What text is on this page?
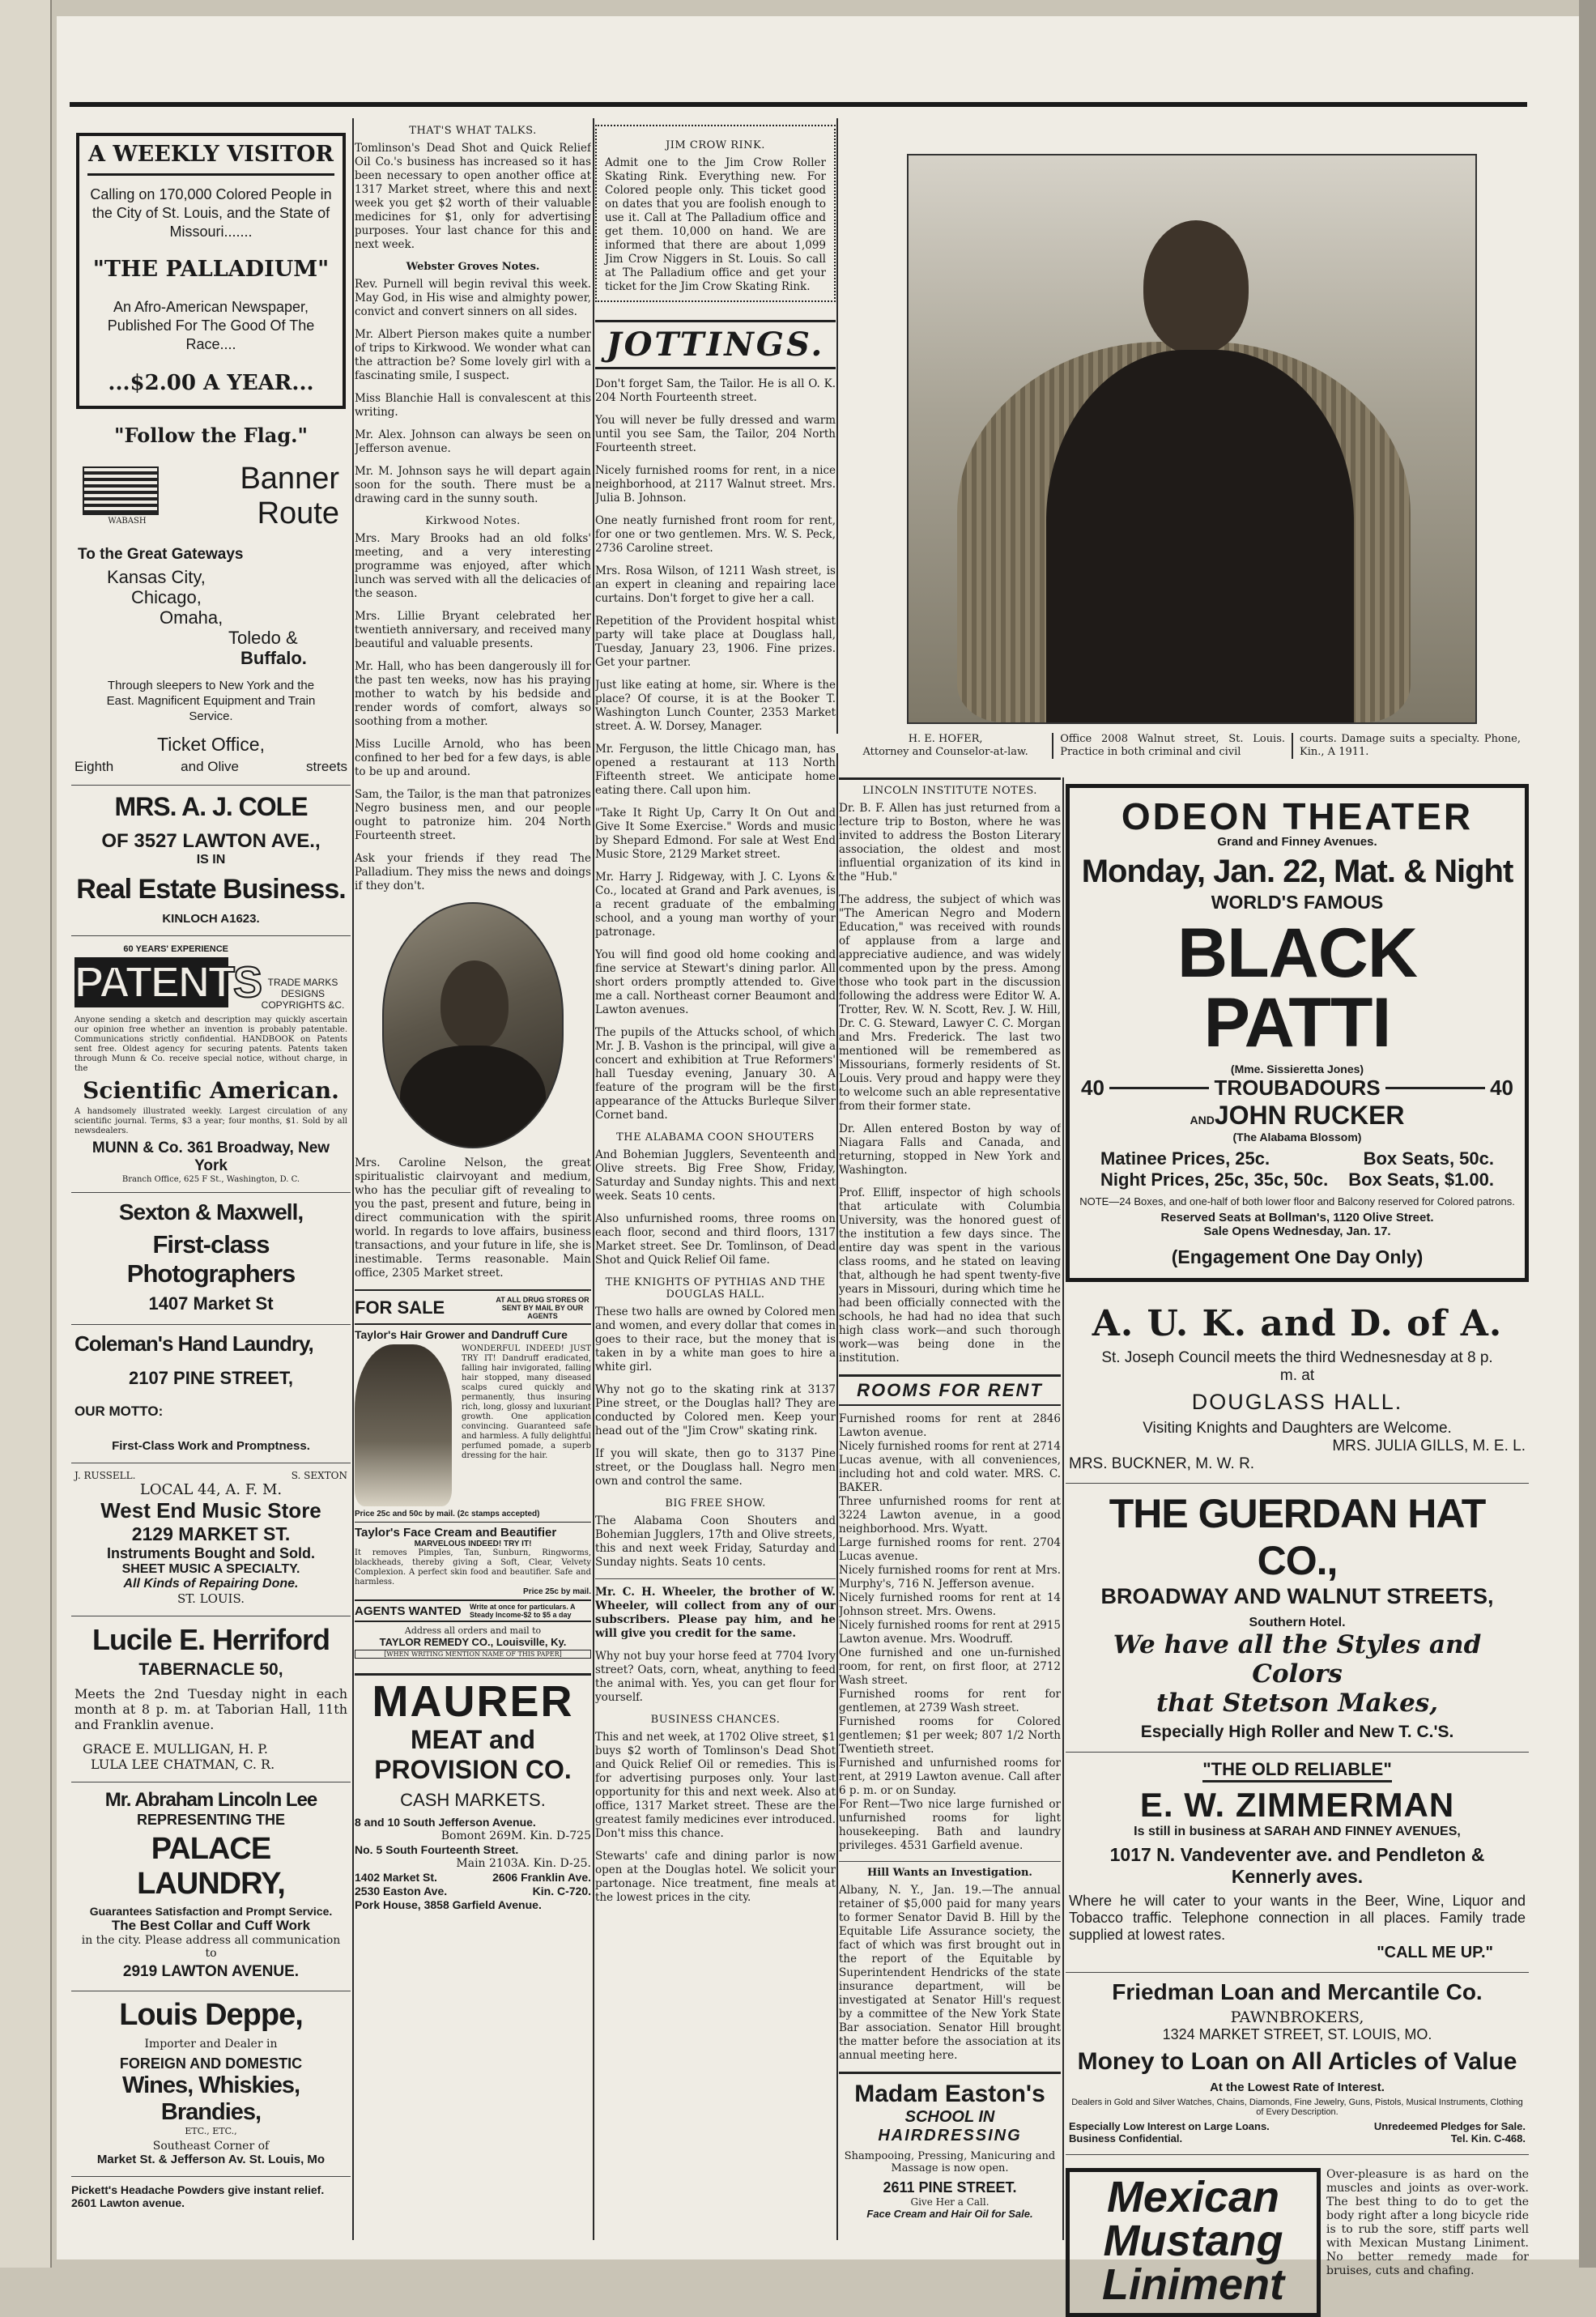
A WEEKLY VISITOR
Calling on 170,000 Colored People in the City of St. Louis, and the State of Missouri.......
"THE PALLADIUM"
An Afro-American Newspaper, Published For The Good Of The Race....
...$2.00 A YEAR...
"Follow the Flag."
WABASH
Banner
Route
To the Great Gateways
Kansas City,
Chicago,
Omaha,
Toledo &
Buffalo.
Through sleepers to New York and the East. Magnificent Equipment and Train Service.
Ticket Office,
Eighth	and Olive	streets
MRS. A. J. COLE
OF 3527 LAWTON AVE.,
IS IN
Real Estate Business.
KINLOCH A1623.
60 YEARS' EXPERIENCE
PATENTS TRADE MARKS DESIGNS COPYRIGHTS &C.
Anyone sending a sketch and description may quickly ascertain our opinion free whether an invention is probably patentable. Communications strictly confidential. HANDBOOK on Patents sent free. Oldest agency for securing patents. Patents taken through Munn & Co. receive special notice, without charge, in the
Scientific American.
A handsomely illustrated weekly. Largest circulation of any scientific journal. Terms, $3 a year; four months, $1. Sold by all newsdealers.
MUNN & Co. 361 Broadway, New York
Branch Office, 625 F St., Washington, D. C.
Sexton & Maxwell,
First-class Photographers
1407 Market St
Coleman's Hand Laundry,
2107 PINE STREET,
OUR MOTTO:
First-Class Work and Promptness.
J. RUSSELL.	S. SEXTON
LOCAL 44, A. F. M.
West End Music Store
2129 MARKET ST.
Instruments Bought and Sold.
SHEET MUSIC A SPECIALTY.
All Kinds of Repairing Done.
ST. LOUIS.
Lucile E. Herriford
TABERNACLE 50,

Meets the 2nd Tuesday night in each month at 8 p. m. at Taborian Hall, 11th and Franklin avenue.

GRACE E. MULLIGAN, H. P.
LULA LEE CHATMAN, C. R.
Mr. Abraham Lincoln Lee
REPRESENTING THE
PALACE LAUNDRY,
Guarantees Satisfaction and Prompt Service.
The Best Collar and Cuff Work
in the city. Please address all communication to
2919 LAWTON AVENUE.
Louis Deppe,
Importer and Dealer in
FOREIGN AND DOMESTIC
Wines, Whiskies, Brandies,
ETC., ETC.,
Southeast Corner of
Market St. & Jefferson Av. St. Louis, Mo
Pickett's Headache Powders give instant relief. 2601 Lawton avenue.
THAT'S WHAT TALKS.

Tomlinson's Dead Shot and Quick Relief Oil Co.'s business has increased so it has been necessary to open another office at 1317 Market street, where this and next week you get $2 worth of their valuable medicines for $1, only for advertising purposes. Your last chance for this and next week.

Webster Groves Notes.

Rev. Purnell will begin revival this week. May God, in His wise and almighty power, convict and convert sinners on all sides.

Mr. Albert Pierson makes quite a number of trips to Kirkwood. We wonder what can the attraction be? Some lovely girl with a fascinating smile, I suspect.

Miss Blanchie Hall is convalescent at this writing.

Mr. Alex. Johnson can always be seen on Jefferson avenue.

Mr. M. Johnson says he will depart again soon for the south. There must be a drawing card in the sunny south.

Kirkwood Notes.

Mrs. Mary Brooks had an old folks' meeting, and a very interesting programme was enjoyed, after which lunch was served with all the delicacies of the season.

Mrs. Lillie Bryant celebrated her twentieth anniversary, and received many beautiful and valuable presents.

Mr. Hall, who has been dangerously ill for the past ten weeks, now has his praying mother to watch by his bedside and render words of comfort, always so soothing from a mother.

Miss Lucille Arnold, who has been confined to her bed for a few days, is able to be up and around.

Sam, the Tailor, is the man that patronizes Negro business men, and our people ought to patronize him. 204 North Fourteenth street.

Ask your friends if they read The Palladium. They miss the news and doings if they don't.

Mrs. Caroline Nelson, the great spiritualistic clairvoyant and medium, who has the peculiar gift of revealing to you the past, present and future, being in direct communication with the spirit world. In regards to love affairs, business transactions, and your future in life, she is inestimable. Terms reasonable. Main office, 2305 Market street.

FOR SALE	AT ALL DRUG STORES OR SENT BY MAIL BY OUR AGENTS
Taylor's Hair Grower and Dandruff Cure
WONDERFUL INDEED! JUST TRY IT! Dandruff eradicated, falling hair invigorated, falling hair stopped, many diseased scalps cured quickly and permanently, thus insuring rich, long, glossy and luxuriant growth. One application convincing. Guaranteed safe and harmless. A fully delightful perfumed pomade, a superb dressing for the hair.
Price 25c and 50c by mail. (2c stamps accepted)
Taylor's Face Cream and Beautifier
MARVELOUS INDEED! TRY IT!
It removes Pimples, Tan, Sunburn, Ringworms, blackheads, thereby giving a Soft, Clear, Velvety Complexion. A perfect skin food and beautifier. Safe and harmless.
Price 25c by mail.
AGENTS WANTED Write at once for particulars. A Steady Income-$2 to $5 a day
Address all orders and mail to
TAYLOR REMEDY CO., Louisville, Ky.
[WHEN WRITING MENTION NAME OF THIS PAPER]
MAURER
MEAT and
PROVISION CO.
CASH MARKETS.
8 and 10 South Jefferson Avenue.
Bomont 269M. Kin. D-725
No. 5 South Fourteenth Street.
Main 2103A. Kin. D-25.
1402 Market St.	2606 Franklin Ave.
2530 Easton Ave.	Kin. C-720.
Pork House, 3858 Garfield Avenue.
JIM CROW RINK.

Admit one to the Jim Crow Roller Skating Rink. Everything new. For Colored people only. This ticket good on dates that you are foolish enough to use it. Call at The Palladium office and get them. 10,000 on hand. We are informed that there are about 1,099 Jim Crow Niggers in St. Louis. So call at The Palladium office and get your ticket for the Jim Crow Skating Rink.

JOTTINGS.

Don't forget Sam, the Tailor. He is all O. K. 204 North Fourteenth street.

You will never be fully dressed and warm until you see Sam, the Tailor, 204 North Fourteenth street.

Nicely furnished rooms for rent, in a nice neighborhood, at 2117 Walnut street. Mrs. Julia B. Johnson.

One neatly furnished front room for rent, for one or two gentlemen. Mrs. W. S. Peck, 2736 Caroline street.

Mrs. Rosa Wilson, of 1211 Wash street, is an expert in cleaning and repairing lace curtains. Don't forget to give her a call.

Repetition of the Provident hospital whist party will take place at Douglass hall, Tuesday, January 23, 1906. Fine prizes. Get your partner.

Just like eating at home, sir. Where is the place? Of course, it is at the Booker T. Washington Lunch Counter, 2353 Market street. A. W. Dorsey, Manager.

Mr. Ferguson, the little Chicago man, has opened a restaurant at 113 North Fifteenth street. We anticipate home eating there. Call upon him.

"Take It Right Up, Carry It On Out and Give It Some Exercise." Words and music by Shepard Edmond. For sale at West End Music Store, 2129 Market street.

Mr. Harry J. Ridgeway, with J. C. Lyons & Co., located at Grand and Park avenues, is a recent graduate of the embalming school, and a young man worthy of your patronage.

You will find good old home cooking and fine service at Stewart's dining parlor. All short orders promptly attended to. Give me a call. Northeast corner Beaumont and Lawton avenues.

The pupils of the Attucks school, of which Mr. J. B. Vashon is the principal, will give a concert and exhibition at True Reformers' hall Tuesday evening, January 30. A feature of the program will be the first appearance of the Attucks Burleque Silver Cornet band.

THE ALABAMA COON SHOUTERS

And Bohemian Jugglers, Seventeenth and Olive streets. Big Free Show, Friday, Saturday and Sunday nights. This and next week. Seats 10 cents.

Also unfurnished rooms, three rooms on each floor, second and third floors, 1317 Market street. See Dr. Tomlinson, of Dead Shot and Quick Relief Oil fame.

THE KNIGHTS OF PYTHIAS AND THE DOUGLAS HALL.

These two halls are owned by Colored men and women, and every dollar that comes in goes to their race, but the money that is taken in by a white man goes to hire a white girl.

Why not go to the skating rink at 3137 Pine street, or the Douglas hall? They are conducted by Colored men. Keep your head out of the "Jim Crow" skating rink.

If you will skate, then go to 3137 Pine street, or the Douglass hall. Negro men own and control the same.

BIG FREE SHOW.

The Alabama Coon Shouters and Bohemian Jugglers, 17th and Olive streets, this and next week Friday, Saturday and Sunday nights. Seats 10 cents.

Mr. C. H. Wheeler, the brother of W. Wheeler, will collect from any of our subscribers. Please pay him, and he will give you credit for the same.

Why not buy your horse feed at 7704 Ivory street? Oats, corn, wheat, anything to feed the animal with. Yes, you can get flour for yourself.

BUSINESS CHANCES.

This and net week, at 1702 Olive street, $1 buys $2 worth of Tomlinson's Dead Shot and Quick Relief Oil or remedies. This is for advertising purposes only. Your last opportunity for this and next week. Also at office, 1317 Market street. These are the greatest family medicines ever introduced. Don't miss this chance.

Stewarts' cafe and dining parlor is now open at the Douglas hotel. We solicit your partonage. Nice treatment, fine meals at the lowest prices in the city.

H. E. HOFER,
Attorney and Counselor-at-law.
Office 2008 Walnut street, St. Louis. Practice in both criminal and civil
courts. Damage suits a specialty. Phone, Kin., A 1911.
LINCOLN INSTITUTE NOTES.

Dr. B. F. Allen has just returned from a lecture trip to Boston, where he was invited to address the Boston Literary association, the oldest and most influential organization of its kind in the "Hub."

The address, the subject of which was "The American Negro and Modern Education," was received with rounds of applause from a large and appreciative audience, and was widely commented upon by the press. Among those who took part in the discussion following the address were Editor W. A. Trotter, Rev. W. N. Scott, Rev. J. W. Hill, Dr. C. G. Steward, Lawyer C. C. Morgan and Mrs. Frederick. The last two mentioned will be remembered as Missourians, formerly residents of St. Louis. Very proud and happy were they to welcome such an able representative from their former state.

Dr. Allen entered Boston by way of Niagara Falls and Canada, and returning, stopped in New York and Washington.

Prof. Elliff, inspector of high schools that articulate with Columbia University, was the honored guest of the institution a few days since. The entire day was spent in the various class rooms, and he stated on leaving that, although he had spent twenty-five years in Missouri, during which time he had been officially connected with the schools, he had had no idea that such high class work—and such thorough work—was being done in the institution.

ROOMS FOR RENT
Furnished rooms for rent at 2846 Lawton avenue.
Nicely furnished rooms for rent at 2714 Lucas avenue, with all conveniences, including hot and cold water. MRS. C. BAKER.
Three unfurnished rooms for rent at 3224 Lawton avenue, in a good neighborhood. Mrs. Wyatt.
Large furnished rooms for rent. 2704 Lucas avenue.
Nicely furnished rooms for rent at Mrs. Murphy's, 716 N. Jefferson avenue.
Nicely furnished rooms for rent at 14 Johnson street. Mrs. Owens.
Nicely furnished rooms for rent at 2915 Lawton avenue. Mrs. Woodruff.
One furnished and one un-furnished room, for rent, on first floor, at 2712 Wash street.
Furnished rooms for rent for gentlemen, at 2739 Wash street.
Furnished rooms for Colored gentlemen; $1 per week; 807 1/2 North Twentieth street.
Furnished and unfurnished rooms for rent, at 2919 Lawton avenue. Call after 6 p. m. or on Sunday.
For Rent—Two nice large furnished or unfurnished rooms for light housekeeping. Bath and laundry privileges. 4531 Garfield avenue.
Hill Wants an Investigation.

Albany, N. Y., Jan. 19.—The annual retainer of $5,000 paid for many years to former Senator David B. Hill by the Equitable Life Assurance society, the fact of which was first brought out in the report of the Equitable by Superintendent Hendricks of the state insurance department, will be investigated at Senator Hill's request by a committee of the New York State Bar association. Senator Hill brought the matter before the association at its annual meeting here.

Madam Easton's
SCHOOL IN
HAIRDRESSING
Shampooing, Pressing, Manicuring and Massage is now open.
2611 PINE STREET.
Give Her a Call.
Face Cream and Hair Oil for Sale.
ODEON THEATER
Grand and Finney Avenues.
Monday, Jan. 22, Mat. & Night
WORLD'S FAMOUS
BLACK PATTI
(Mme. Sissieretta Jones)
40	TROUBADOURS	40
ANDJOHN RUCKER
(The Alabama Blossom)
Matinee Prices, 25c.	Box Seats, 50c.
Night Prices, 25c, 35c, 50c. Box Seats, $1.00.
NOTE—24 Boxes, and one-half of both lower floor and Balcony reserved for Colored patrons.
Reserved Seats at Bollman's, 1120 Olive Street.
Sale Opens Wednesday, Jan. 17.
(Engagement One Day Only)
A. U. K. and D. of A.
St. Joseph Council meets the third Wednesnesday at 8 p. m. at
DOUGLASS HALL.
Visiting Knights and Daughters are Welcome.
MRS. JULIA GILLS, M. E. L.
MRS. BUCKNER, M. W. R.
THE GUERDAN HAT CO.,
BROADWAY AND WALNUT STREETS,
Southern Hotel.
We have all the Styles and Colors
that Stetson Makes,
Especially High Roller and New T. C.'S.
"THE OLD RELIABLE"
E. W. ZIMMERMAN
Is still in business at SARAH AND FINNEY AVENUES,
1017 N. Vandeventer ave. and Pendleton & Kennerly aves.
Where he will cater to your wants in the Beer, Wine, Liquor and Tobacco traffic. Telephone connection in all places. Family trade supplied at lowest rates.
"CALL ME UP."
Friedman Loan and Mercantile Co.
PAWNBROKERS,
1324 MARKET STREET, ST. LOUIS, MO.
Money to Loan on All Articles of Value
At the Lowest Rate of Interest.
Dealers in Gold and Silver Watches, Chains, Diamonds, Fine Jewelry, Guns, Pistols, Musical Instruments, Clothing of Every Description.
Especially Low Interest on Large Loans.
Business Confidential.
Unredeemed Pledges for Sale.
Tel. Kin. C-468.
Mexican
Mustang
Liniment
Over-pleasure is as hard on the muscles and joints as over-work. The best thing to do to get the body right after a long bicycle ride is to rub the sore, stiff parts well with Mexican Mustang Liniment. No better remedy made for bruises, cuts and chafing.
